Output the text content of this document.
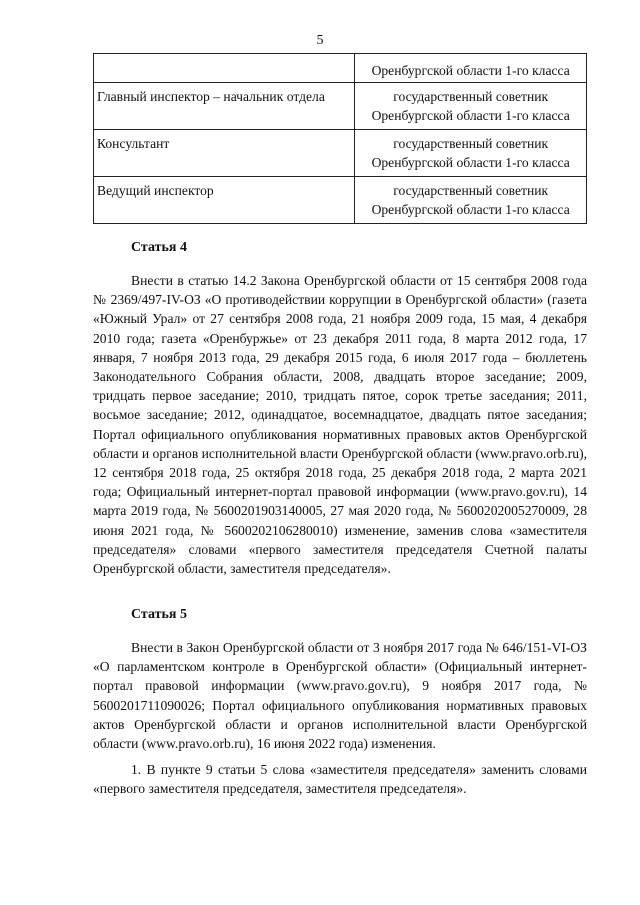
5
	Оренбургской области 1-го класса
Главный инспектор – начальник отдела	государственный советник Оренбургской области 1-го класса
Консультант	государственный советник Оренбургской области 1-го класса
Ведущий инспектор	государственный советник Оренбургской области 1-го класса
Статья 4
Внести в статью 14.2 Закона Оренбургской области от 15 сентября 2008 года № 2369/497-IV-ОЗ «О противодействии коррупции в Оренбургской области» (газета «Южный Урал» от 27 сентября 2008 года, 21 ноября 2009 года, 15 мая, 4 декабря 2010 года; газета «Оренбуржье» от 23 декабря 2011 года, 8 марта 2012 года, 17 января, 7 ноября 2013 года, 29 декабря 2015 года, 6 июля 2017 года – бюллетень Законодательного Собрания области, 2008, двадцать второе заседание; 2009, тридцать первое заседание; 2010, тридцать пятое, сорок третье заседания; 2011, восьмое заседание; 2012, одинадцатое, восемнадцатое, двадцать пятое заседания; Портал официального опубликования нормативных правовых актов Оренбургской области и органов исполнительной власти Оренбургской области (www.pravo.orb.ru), 12 сентября 2018 года, 25 октября 2018 года, 25 декабря 2018 года, 2 марта 2021 года; Официальный интернет-портал правовой информации (www.pravo.gov.ru), 14 марта 2019 года, № 5600201903140005, 27 мая 2020 года, № 5600202005270009, 28 июня 2021 года, № 5600202106280010) изменение, заменив слова «заместителя председателя» словами «первого заместителя председателя Счетной палаты Оренбургской области, заместителя председателя».
Статья 5
Внести в Закон Оренбургской области от 3 ноября 2017 года № 646/151-VI-ОЗ «О парламентском контроле в Оренбургской области» (Официальный интернет-портал правовой информации (www.pravo.gov.ru), 9 ноября 2017 года, № 5600201711090026; Портал официального опубликования нормативных правовых актов Оренбургской области и органов исполнительной власти Оренбургской области (www.pravo.orb.ru), 16 июня 2022 года) изменения.
1. В пункте 9 статьи 5 слова «заместителя председателя» заменить словами «первого заместителя председателя, заместителя председателя».
